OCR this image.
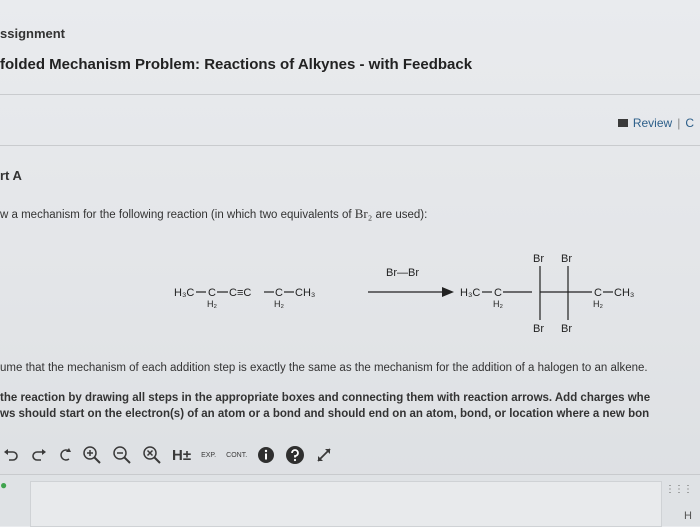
ssignment
folded Mechanism Problem: Reactions of Alkynes - with Feedback
Review | C
rt A
w a mechanism for the following reaction (in which two equivalents of Br₂ are used):
H₃C C
H₂
C≡C C
H₂
CH₃
Br—Br
H₃C C
H₂
Br Br
Br Br
C
H₂
CH₃
ume that the mechanism of each addition step is exactly the same as the mechanism for the addition of a halogen to an alkene.
the reaction by drawing all steps in the appropriate boxes and connecting them with reaction arrows. Add charges whe
ws should start on the electron(s) of an atom or a bond and should end on an atom, bond, or location where a new bon
H± EXP. CONT.
●	⋮⋮⋮
H
